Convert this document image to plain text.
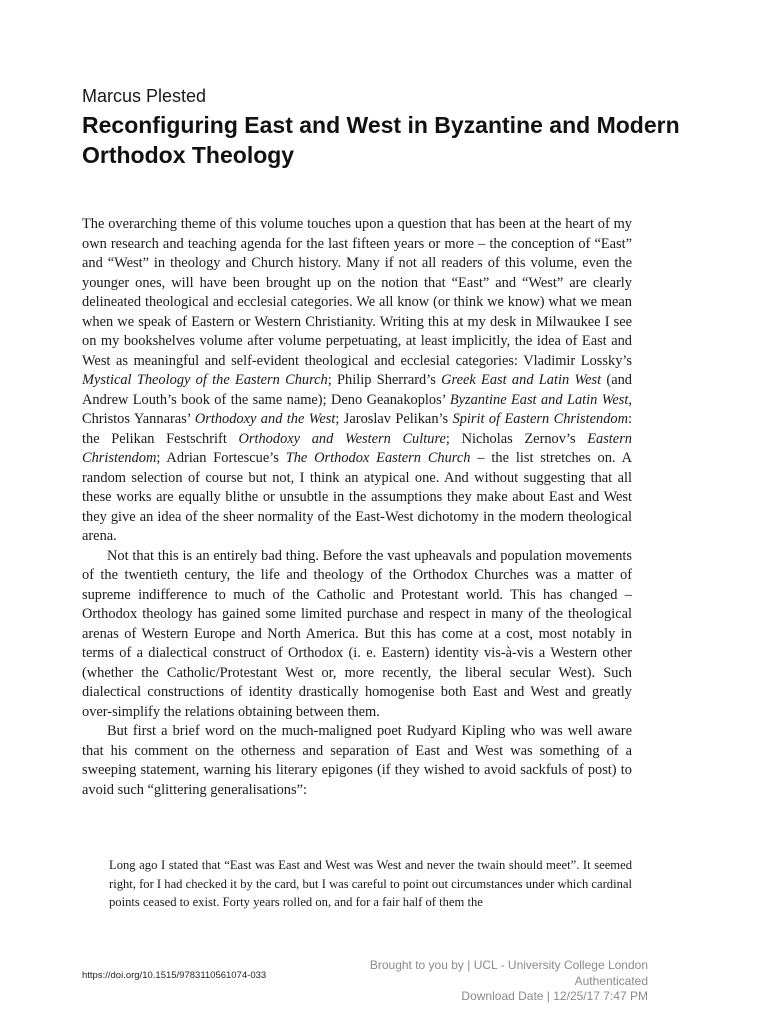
Marcus Plested
Reconfiguring East and West in Byzantine and Modern Orthodox Theology

The overarching theme of this volume touches upon a question that has been at the heart of my own research and teaching agenda for the last fifteen years or more – the conception of “East” and “West” in theology and Church history. Many if not all readers of this volume, even the younger ones, will have been brought up on the notion that “East” and “West” are clearly delineated theological and ecclesial categories. We all know (or think we know) what we mean when we speak of Eastern or Western Christianity. Writing this at my desk in Milwaukee I see on my bookshelves volume after volume perpetuating, at least implicitly, the idea of East and West as meaningful and self-evident theological and ecclesial categories: Vladimir Lossky’s Mystical Theology of the Eastern Church; Philip Sherrard’s Greek East and Latin West (and Andrew Louth’s book of the same name); Deno Geanakoplos’ Byzantine East and Latin West, Christos Yannaras’ Orthodoxy and the West; Jaroslav Pelikan’s Spirit of Eastern Christendom: the Pelikan Festschrift Orthodoxy and Western Culture; Nicholas Zernov’s Eastern Christendom; Adrian Fortescue’s The Orthodox Eastern Church – the list stretches on. A random selection of course but not, I think an atypical one. And without suggesting that all these works are equally blithe or unsubtle in the assumptions they make about East and West they give an idea of the sheer normality of the East-West dichotomy in the modern theological arena.

Not that this is an entirely bad thing. Before the vast upheavals and population movements of the twentieth century, the life and theology of the Orthodox Churches was a matter of supreme indifference to much of the Catholic and Protestant world. This has changed – Orthodox theology has gained some limited purchase and respect in many of the theological arenas of Western Europe and North America. But this has come at a cost, most notably in terms of a dialectical construct of Orthodox (i. e. Eastern) identity vis-à-vis a Western other (whether the Catholic/Protestant West or, more recently, the liberal secular West). Such dialectical constructions of identity drastically homogenise both East and West and greatly over-simplify the relations obtaining between them.

But first a brief word on the much-maligned poet Rudyard Kipling who was well aware that his comment on the otherness and separation of East and West was something of a sweeping statement, warning his literary epigones (if they wished to avoid sackfuls of post) to avoid such “glittering generalisations”:

Long ago I stated that “East was East and West was West and never the twain should meet”. It seemed right, for I had checked it by the card, but I was careful to point out circumstances under which cardinal points ceased to exist. Forty years rolled on, and for a fair half of them the
https://doi.org/10.1515/9783110561074-033
Brought to you by | UCL - University College London
Authenticated
Download Date | 12/25/17 7:47 PM
